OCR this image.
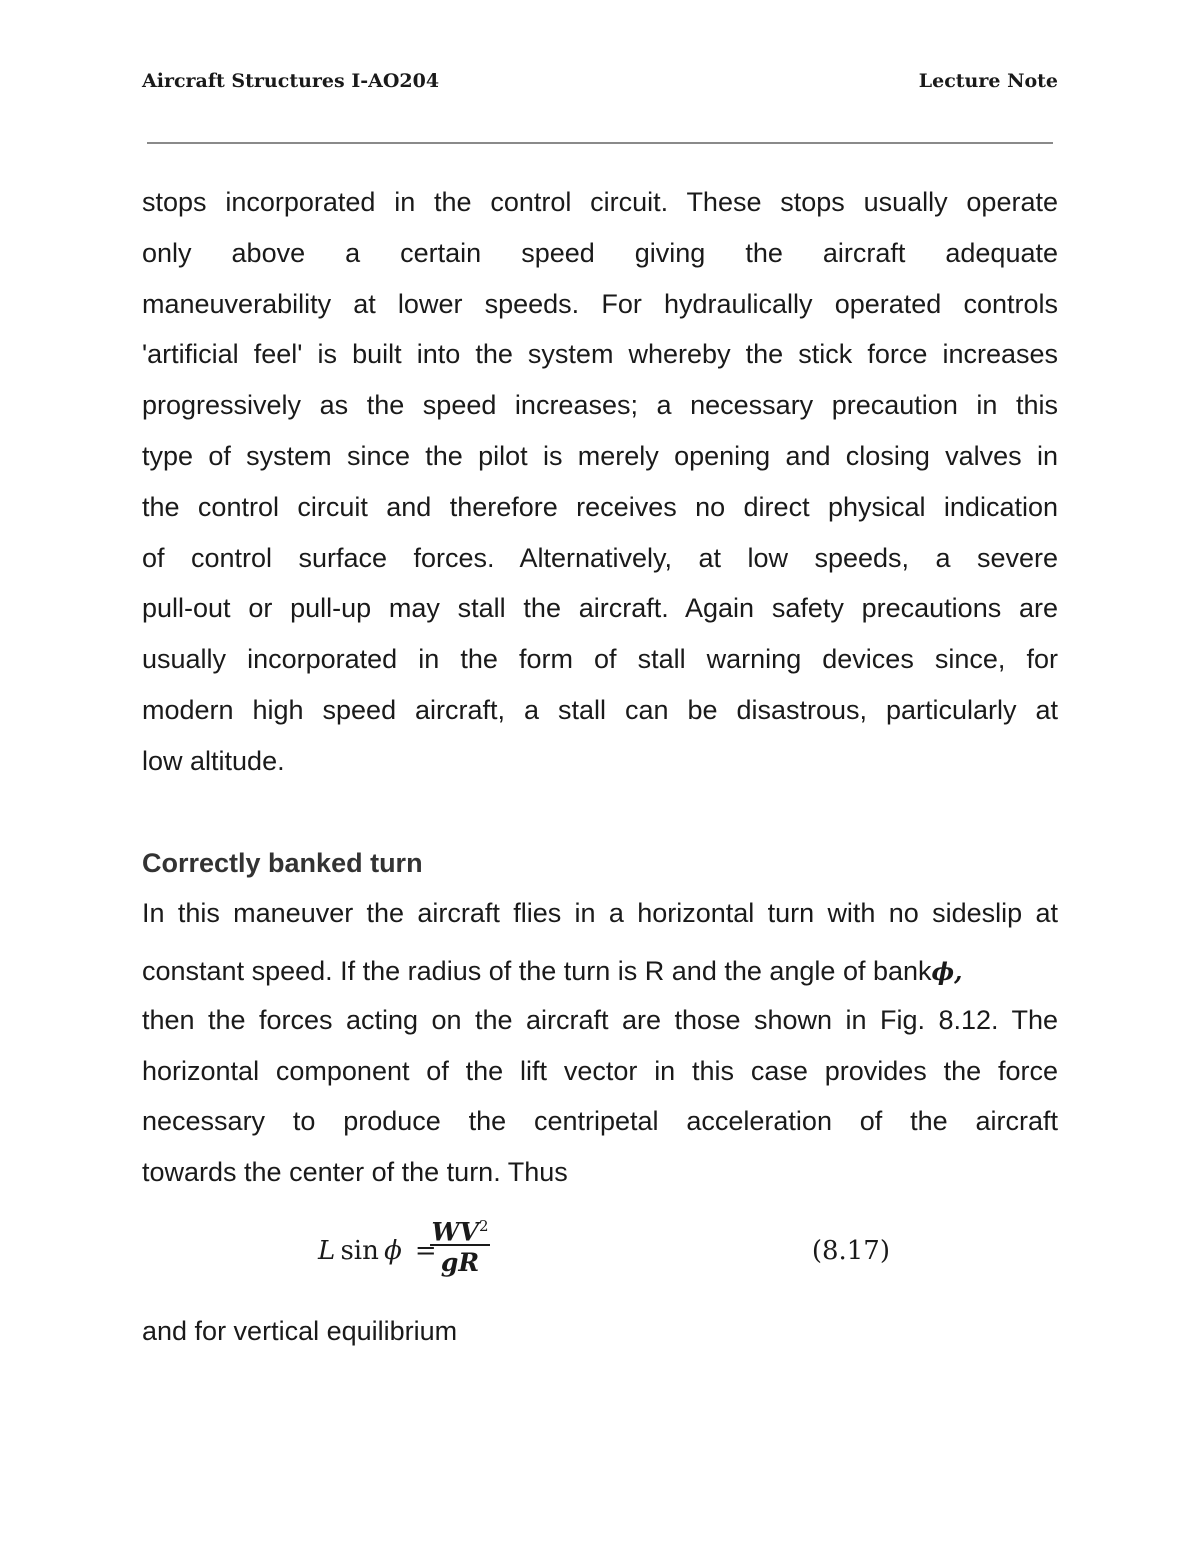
Aircraft Structures I-AO204	Lecture Note
stops incorporated in the control circuit. These stops usually operate
only above a certain speed giving the aircraft adequate
maneuverability at lower speeds. For hydraulically operated controls
'artificial feel' is built into the system whereby the stick force increases
progressively as the speed increases; a necessary precaution in this
type of system since the pilot is merely opening and closing valves in
the control circuit and therefore receives no direct physical indication
of control surface forces. Alternatively, at low speeds, a severe
pull-out or pull-up may stall the aircraft. Again safety precautions are
usually incorporated in the form of stall warning devices since, for
modern high speed aircraft, a stall can be disastrous, particularly at
low altitude.
Correctly banked turn
In this maneuver the aircraft flies in a horizontal turn with no sideslip at
constant speed. If the radius of the turn is R and the angle of bankϕ,
then the forces acting on the aircraft are those shown in Fig. 8.12. The
horizontal component of the lift vector in this case provides the force
necessary to produce the centripetal acceleration of the aircraft
towards the center of the turn. Thus
L  sin  ϕ  =
$WV^2$
gR	(8.17)
and for vertical equilibrium
